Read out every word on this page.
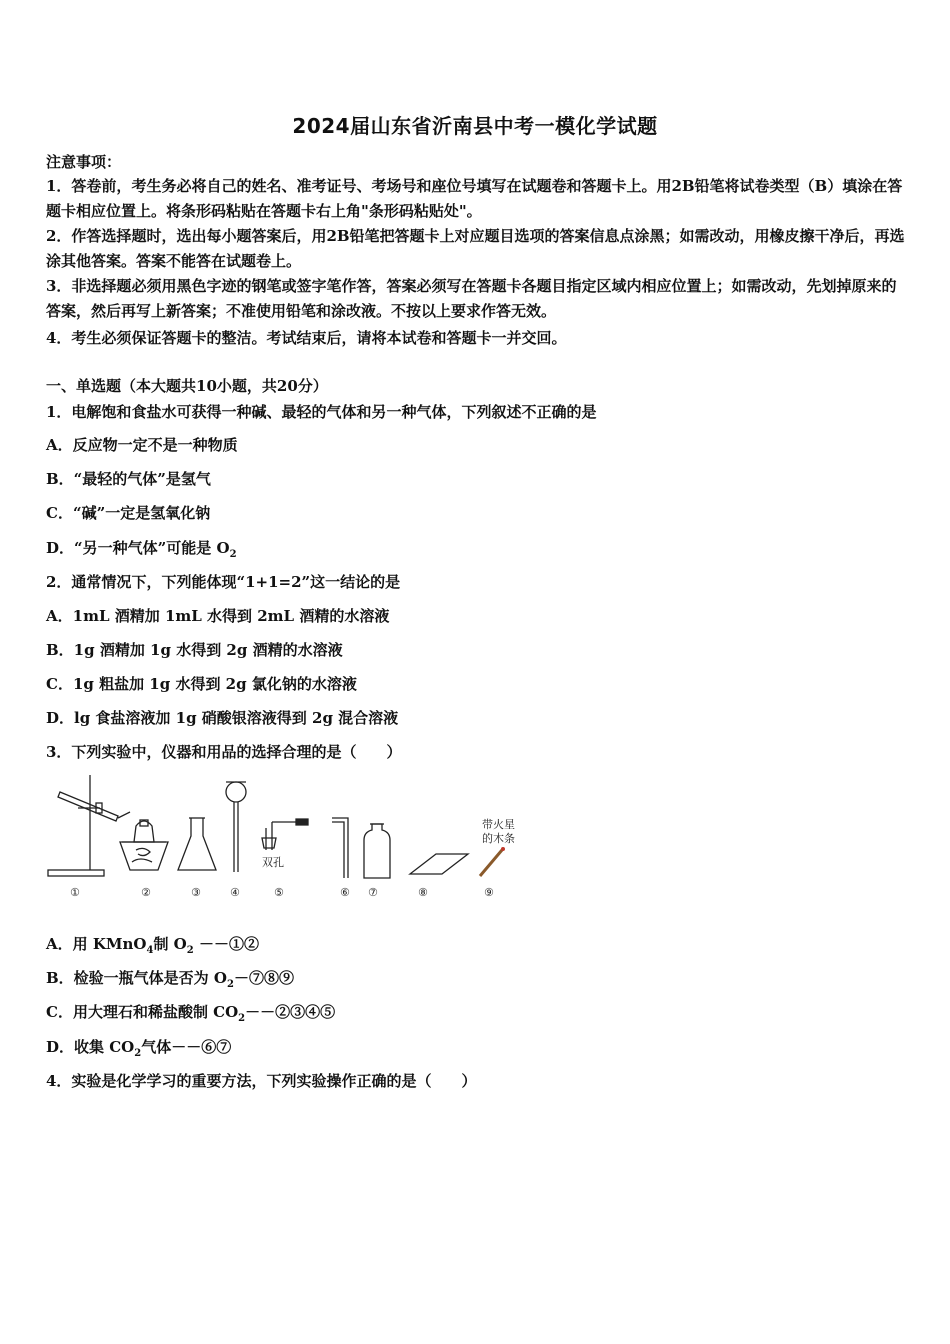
2024届山东省沂南县中考一模化学试题
注意事项：
1．答卷前，考生务必将自己的姓名、准考证号、考场号和座位号填写在试题卷和答题卡上。用2B铅笔将试卷类型（B）填涂在答题卡相应位置上。将条形码粘贴在答题卡右上角"条形码粘贴处"。
2．作答选择题时，选出每小题答案后，用2B铅笔把答题卡上对应题目选项的答案信息点涂黑；如需改动，用橡皮擦干净后，再选涂其他答案。答案不能答在试题卷上。
3．非选择题必须用黑色字迹的钢笔或签字笔作答，答案必须写在答题卡各题目指定区域内相应位置上；如需改动，先划掉原来的答案，然后再写上新答案；不准使用铅笔和涂改液。不按以上要求作答无效。
4．考生必须保证答题卡的整洁。考试结束后，请将本试卷和答题卡一并交回。
一、单选题（本大题共10小题，共20分）
1．电解饱和食盐水可获得一种碱、最轻的气体和另一种气体，下列叙述不正确的是
A．反应物一定不是一种物质
B．“最轻的气体”是氢气
C．“碱”一定是氢氧化钠
D．“另一种气体”可能是 $O_2$
2．通常情况下，下列能体现“1+1=2”这一结论的是
A．1mL 酒精加 1mL 水得到 2mL 酒精的水溶液
B．1g 酒精加 1g 水得到 2g 酒精的水溶液
C．1g 粗盐加 1g 水得到 2g 氯化钠的水溶液
D．lg 食盐溶液加 1g 硝酸银溶液得到 2g 混合溶液
3．下列实验中，仪器和用品的选择合理的是（　　）
双孔
带火星
的木条
①	②	③	④	⑤	⑥ ⑦	⑧	⑨
A．用 KMnO$_4$制 $O_2$ －－①②
B．检验一瓶气体是否为 $O_2-⑦⑧⑨$
C．用大理石和稀盐酸制 $CO_2--②③④⑤$
D．收集 $CO_2$气体－－⑥⑦
4．实验是化学学习的重要方法，下列实验操作正确的是（　　）
